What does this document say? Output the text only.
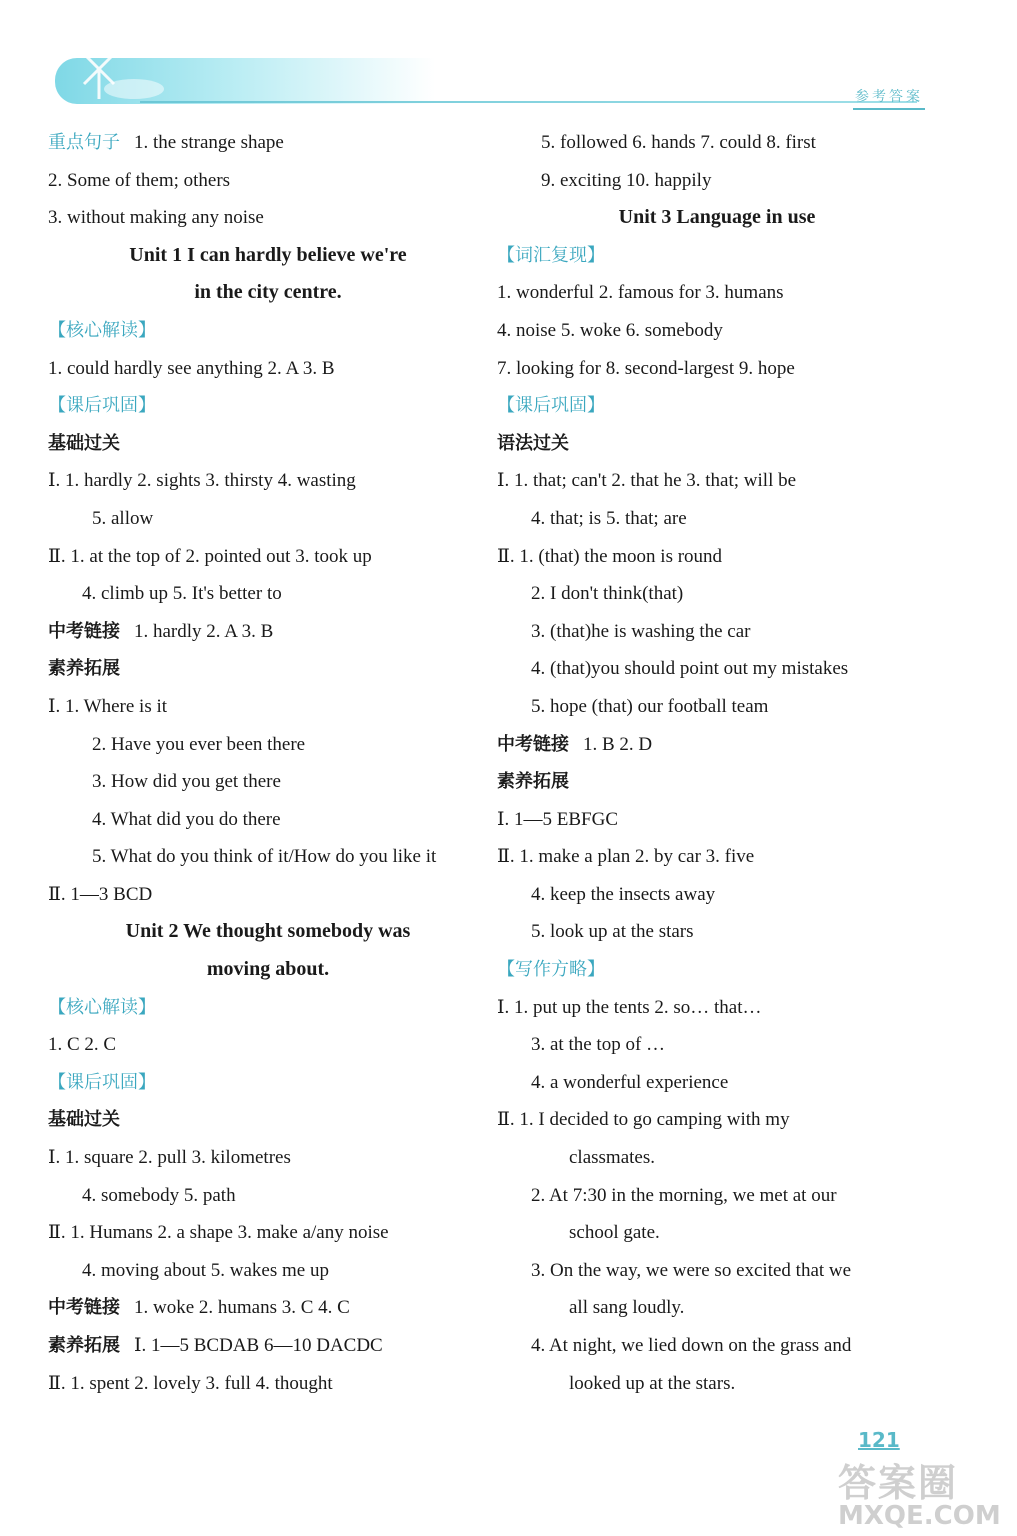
参考答案
重点句子 1. the strange shape
2. Some of them; others
3. without making any noise
Unit 1 I can hardly believe we're
in the city centre.
【核心解读】
1. could hardly see anything 2. A 3. B
【课后巩固】
基础过关
Ⅰ. 1. hardly 2. sights 3. thirsty 4. wasting
5. allow
Ⅱ. 1. at the top of 2. pointed out 3. took up
4. climb up 5. It's better to
中考链接 1. hardly 2. A 3. B
素养拓展
Ⅰ. 1. Where is it
2. Have you ever been there
3. How did you get there
4. What did you do there
5. What do you think of it/How do you like it
Ⅱ. 1—3 BCD
Unit 2 We thought somebody was
moving about.
【核心解读】
1. C 2. C
【课后巩固】
基础过关
Ⅰ. 1. square 2. pull 3. kilometres
4. somebody 5. path
Ⅱ. 1. Humans 2. a shape 3. make a/any noise
4. moving about 5. wakes me up
中考链接 1. woke 2. humans 3. C 4. C
素养拓展 Ⅰ. 1—5 BCDAB 6—10 DACDC
Ⅱ. 1. spent 2. lovely 3. full 4. thought
5. followed 6. hands 7. could 8. first
9. exciting 10. happily
Unit 3 Language in use
【词汇复现】
1. wonderful 2. famous for 3. humans
4. noise 5. woke 6. somebody
7. looking for 8. second-largest 9. hope
【课后巩固】
语法过关
Ⅰ. 1. that; can't 2. that he 3. that; will be
4. that; is 5. that; are
Ⅱ. 1. (that) the moon is round
2. I don't think(that)
3. (that)he is washing the car
4. (that)you should point out my mistakes
5. hope (that) our football team
中考链接 1. B 2. D
素养拓展
Ⅰ. 1—5 EBFGC
Ⅱ. 1. make a plan 2. by car 3. five
4. keep the insects away
5. look up at the stars
【写作方略】
Ⅰ. 1. put up the tents 2. so… that…
3. at the top of …
4. a wonderful experience
Ⅱ. 1. I decided to go camping with my
classmates.
2. At 7:30 in the morning, we met at our
school gate.
3. On the way, we were so excited that we
all sang loudly.
4. At night, we lied down on the grass and
looked up at the stars.
121
答案圈
MXQE.COM
